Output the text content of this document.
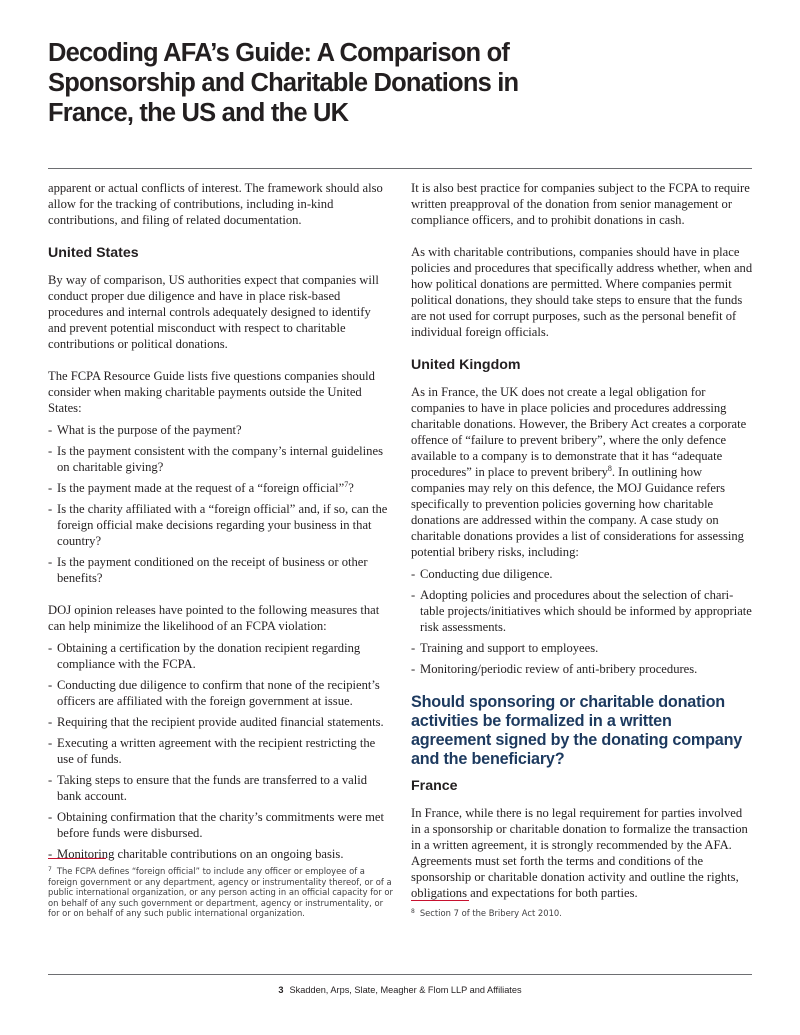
Decoding AFA’s Guide: A Comparison of Sponsorship and Charitable Donations in France, the US and the UK

apparent or actual conflicts of interest. The framework should also allow for the tracking of contributions, including in-kind contributions, and filing of related documentation.

United States

By way of comparison, US authorities expect that companies will conduct proper due diligence and have in place risk-based procedures and internal controls adequately designed to identify and prevent potential misconduct with respect to charitable contributions or political donations.

The FCPA Resource Guide lists five questions companies should consider when making charitable payments outside the United States:

- What is the purpose of the payment?
- Is the payment consistent with the company’s internal guidelines on charitable giving?
- Is the payment made at the request of a “foreign official”$^7$?
- Is the charity affiliated with a “foreign official” and, if so, can the foreign official make decisions regarding your business in that country?
- Is the payment conditioned on the receipt of business or other benefits?

DOJ opinion releases have pointed to the following measures that can help minimize the likelihood of an FCPA violation:

- Obtaining a certification by the donation recipient regarding compliance with the FCPA.
- Conducting due diligence to confirm that none of the recipient’s officers are affiliated with the foreign government at issue.
- Requiring that the recipient provide audited financial statements.
- Executing a written agreement with the recipient restricting the use of funds.
- Taking steps to ensure that the funds are transferred to a valid bank account.
- Obtaining confirmation that the charity’s commitments were met before funds were disbursed.
- Monitoring charitable contributions on an ongoing basis.
$^7$ The FCPA defines “foreign official” to include any officer or employee of a foreign government or any department, agency or instrumentality thereof, or of a public international organization, or any person acting in an official capacity for or on behalf of any such government or department, agency or instrumentality, or for or on behalf of any such public international organization.

It is also best practice for companies subject to the FCPA to require written preapproval of the donation from senior management or compliance officers, and to prohibit donations in cash.

As with charitable contributions, companies should have in place policies and procedures that specifically address whether, when and how political donations are permitted. Where companies permit political donations, they should take steps to ensure that the funds are not used for corrupt purposes, such as the personal benefit of individual foreign officials.

United Kingdom

As in France, the UK does not create a legal obligation for companies to have in place policies and procedures addressing charitable donations. However, the Bribery Act creates a corporate offence of “failure to prevent bribery”, where the only defence available to a company is to demonstrate that it has “adequate procedures” in place to prevent bribery$^8$. In outlining how companies may rely on this defence, the MOJ Guidance refers specifically to prevention policies governing how charitable donations are addressed within the company. A case study on charitable donations provides a list of considerations for assessing potential bribery risks, including:

- Conducting due diligence.
- Adopting policies and procedures about the selection of charitable projects/initiatives which should be informed by appropriate risk assessments.
- Training and support to employees.
- Monitoring/periodic review of anti-bribery procedures.
Should sponsoring or charitable donation activities be formalized in a written agreement signed by the donating company and the beneficiary?
France

In France, while there is no legal requirement for parties involved in a sponsorship or charitable donation to formalize the transaction in a written agreement, it is strongly recommended by the AFA. Agreements must set forth the terms and conditions of the sponsorship or charitable donation activity and outline the rights, obligations and expectations for both parties.

$^8$ Section 7 of the Bribery Act 2010.
3 Skadden, Arps, Slate, Meagher & Flom LLP and Affiliates
